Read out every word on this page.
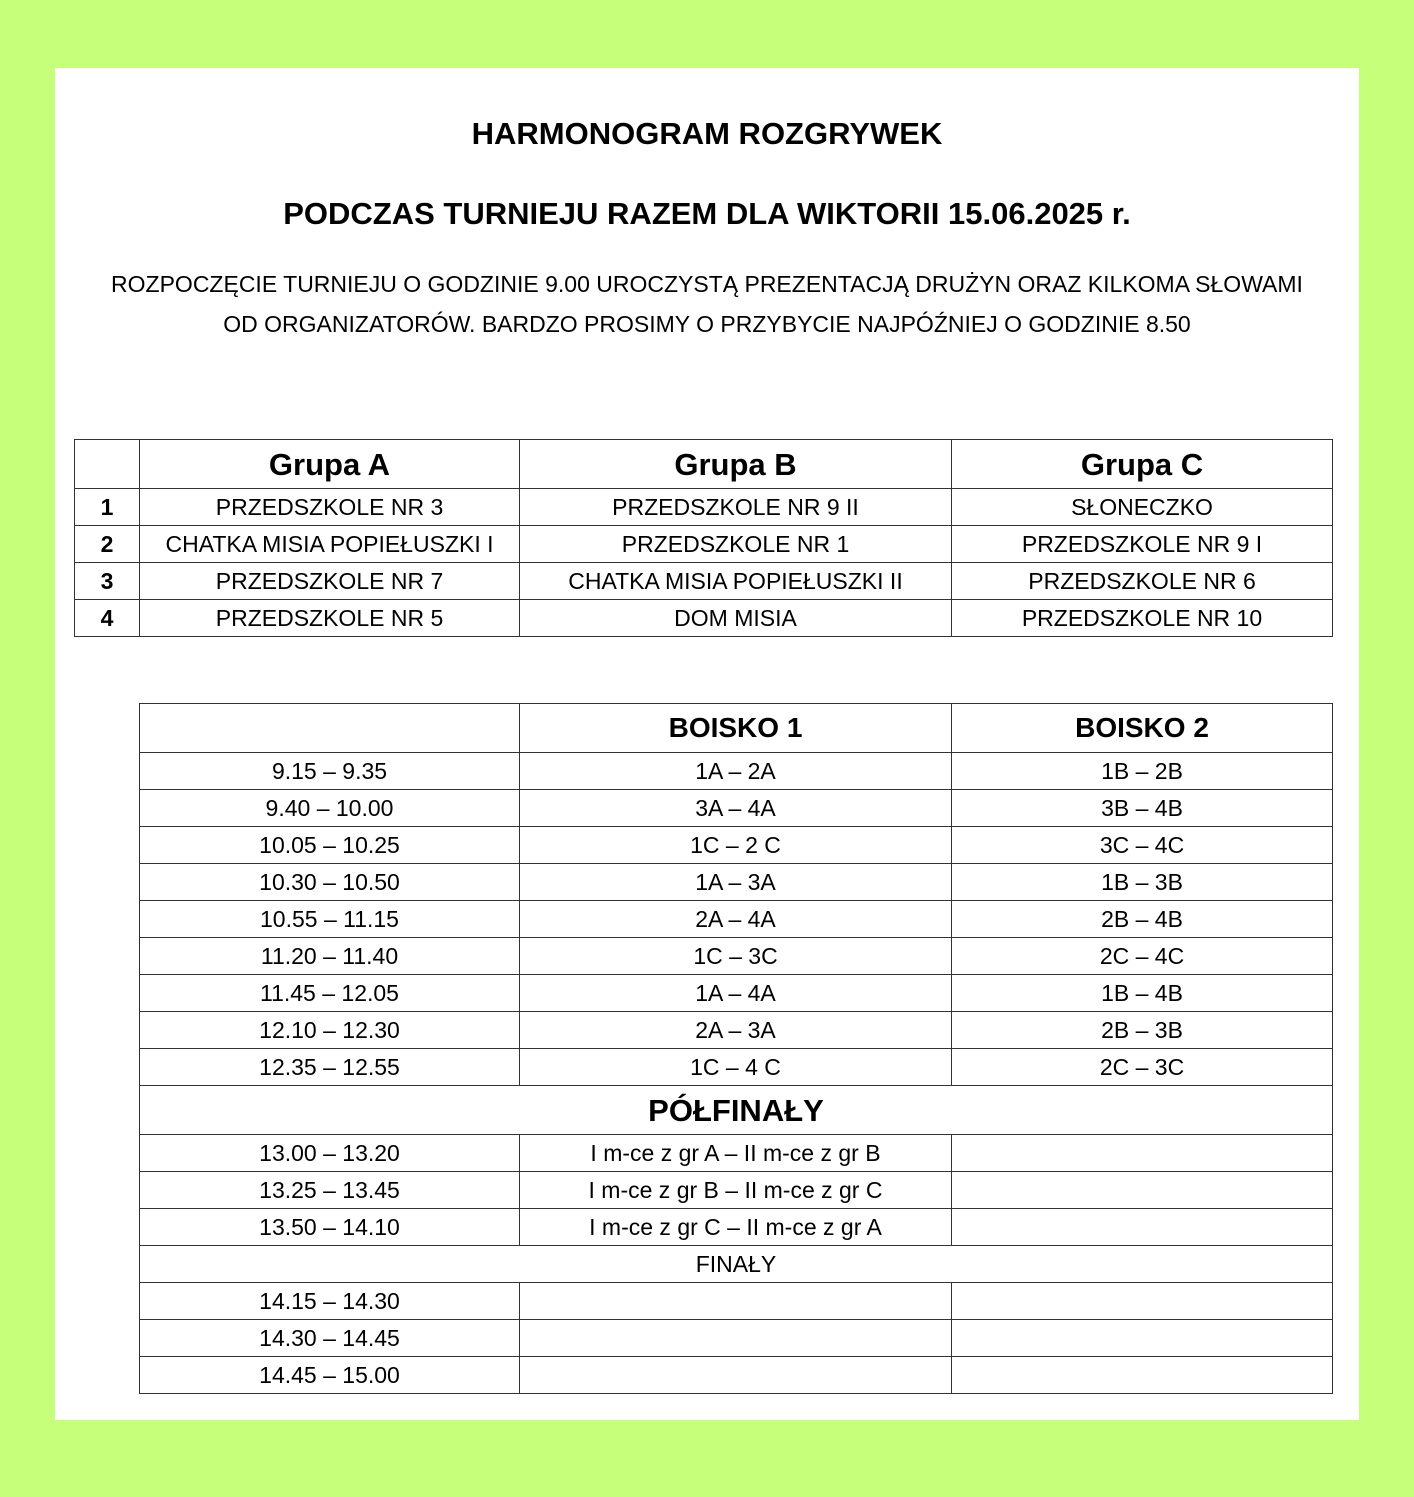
HARMONOGRAM ROZGRYWEK
PODCZAS TURNIEJU RAZEM DLA WIKTORII 15.06.2025 r.
ROZPOCZĘCIE TURNIEJU O GODZINIE 9.00 UROCZYSTĄ PREZENTACJĄ DRUŻYN ORAZ KILKOMA SŁOWAMI
OD ORGANIZATORÓW. BARDZO PROSIMY O PRZYBYCIE NAJPÓŹNIEJ O GODZINIE 8.50
	Grupa A	Grupa B	Grupa C
1	PRZEDSZKOLE NR 3	PRZEDSZKOLE NR 9 II	SŁONECZKO
2	CHATKA MISIA POPIEŁUSZKI I	PRZEDSZKOLE NR 1	PRZEDSZKOLE NR 9 I
3	PRZEDSZKOLE NR 7	CHATKA MISIA POPIEŁUSZKI II	PRZEDSZKOLE NR 6
4	PRZEDSZKOLE NR 5	DOM MISIA	PRZEDSZKOLE NR 10
	BOISKO 1	BOISKO 2
9.15 – 9.35	1A – 2A	1B – 2B
9.40 – 10.00	3A – 4A	3B – 4B
10.05 – 10.25	1C – 2 C	3C – 4C
10.30 – 10.50	1A – 3A	1B – 3B
10.55 – 11.15	2A – 4A	2B – 4B
11.20 – 11.40	1C – 3C	2C – 4C
11.45 – 12.05	1A – 4A	1B – 4B
12.10 – 12.30	2A – 3A	2B – 3B
12.35 – 12.55	1C – 4 C	2C – 3C
PÓŁFINAŁY		
13.00 – 13.20	I m-ce z gr A – II m-ce z gr B	
13.25 – 13.45	I m-ce z gr B – II m-ce z gr C	
13.50 – 14.10	I m-ce z gr C – II m-ce z gr A	
FINAŁY		
14.15 – 14.30		
14.30 – 14.45		
14.45 – 15.00		
